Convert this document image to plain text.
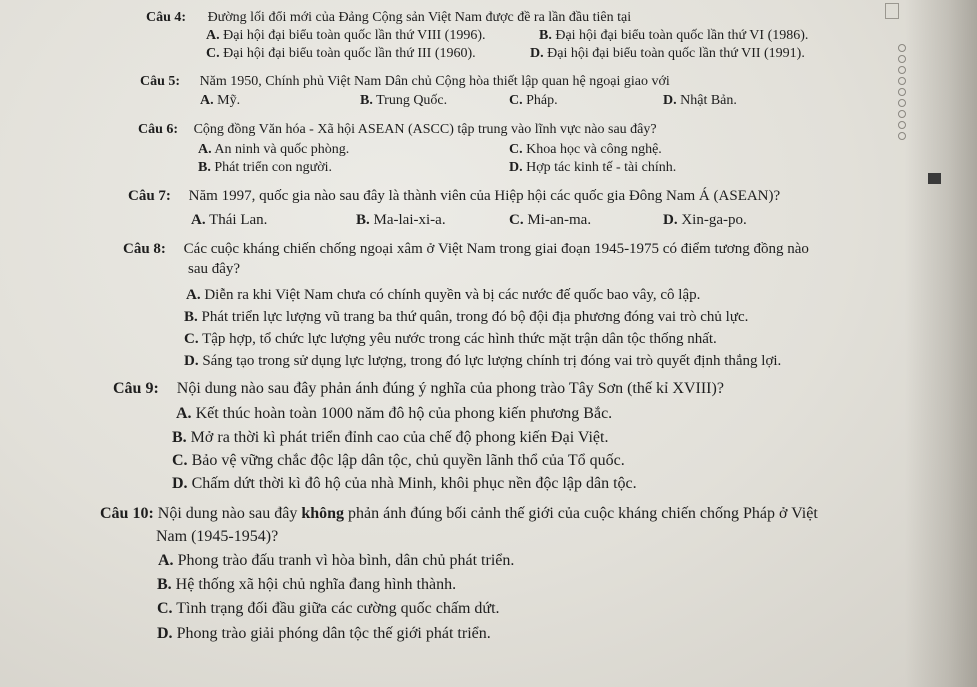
Câu 4: Đường lối đổi mới của Đảng Cộng sản Việt Nam được đề ra lần đầu tiên tại
A. Đại hội đại biểu toàn quốc lần thứ VIII (1996).	B. Đại hội đại biểu toàn quốc lần thứ VI (1986).
C. Đại hội đại biểu toàn quốc lần thứ III (1960).	D. Đại hội đại biểu toàn quốc lần thứ VII (1991).
Câu 5: Năm 1950, Chính phủ Việt Nam Dân chủ Cộng hòa thiết lập quan hệ ngoại giao với
A. Mỹ.	B. Trung Quốc.	C. Pháp.	D. Nhật Bản.
Câu 6: Cộng đồng Văn hóa - Xã hội ASEAN (ASCC) tập trung vào lĩnh vực nào sau đây?
A. An ninh và quốc phòng.	C. Khoa học và công nghệ.
B. Phát triển con người.	D. Hợp tác kinh tế - tài chính.
Câu 7: Năm 1997, quốc gia nào sau đây là thành viên của Hiệp hội các quốc gia Đông Nam Á (ASEAN)?
A. Thái Lan.	B. Ma-lai-xi-a.	C. Mi-an-ma.	D. Xin-ga-po.
Câu 8: Các cuộc kháng chiến chống ngoại xâm ở Việt Nam trong giai đoạn 1945-1975 có điểm tương đồng nào
sau đây?
A. Diễn ra khi Việt Nam chưa có chính quyền và bị các nước đế quốc bao vây, cô lập.
B. Phát triển lực lượng vũ trang ba thứ quân, trong đó bộ đội địa phương đóng vai trò chủ lực.
C. Tập hợp, tổ chức lực lượng yêu nước trong các hình thức mặt trận dân tộc thống nhất.
D. Sáng tạo trong sử dụng lực lượng, trong đó lực lượng chính trị đóng vai trò quyết định thắng lợi.
Câu 9: Nội dung nào sau đây phản ánh đúng ý nghĩa của phong trào Tây Sơn (thế kỉ XVIII)?
A. Kết thúc hoàn toàn 1000 năm đô hộ của phong kiến phương Bắc.
B. Mở ra thời kì phát triển đỉnh cao của chế độ phong kiến Đại Việt.
C. Bảo vệ vững chắc độc lập dân tộc, chủ quyền lãnh thổ của Tổ quốc.
D. Chấm dứt thời kì đô hộ của nhà Minh, khôi phục nền độc lập dân tộc.
Câu 10: Nội dung nào sau đây không phản ánh đúng bối cảnh thế giới của cuộc kháng chiến chống Pháp ở Việt
Nam (1945-1954)?
A. Phong trào đấu tranh vì hòa bình, dân chủ phát triển.
B. Hệ thống xã hội chủ nghĩa đang hình thành.
C. Tình trạng đối đầu giữa các cường quốc chấm dứt.
D. Phong trào giải phóng dân tộc thế giới phát triển.
